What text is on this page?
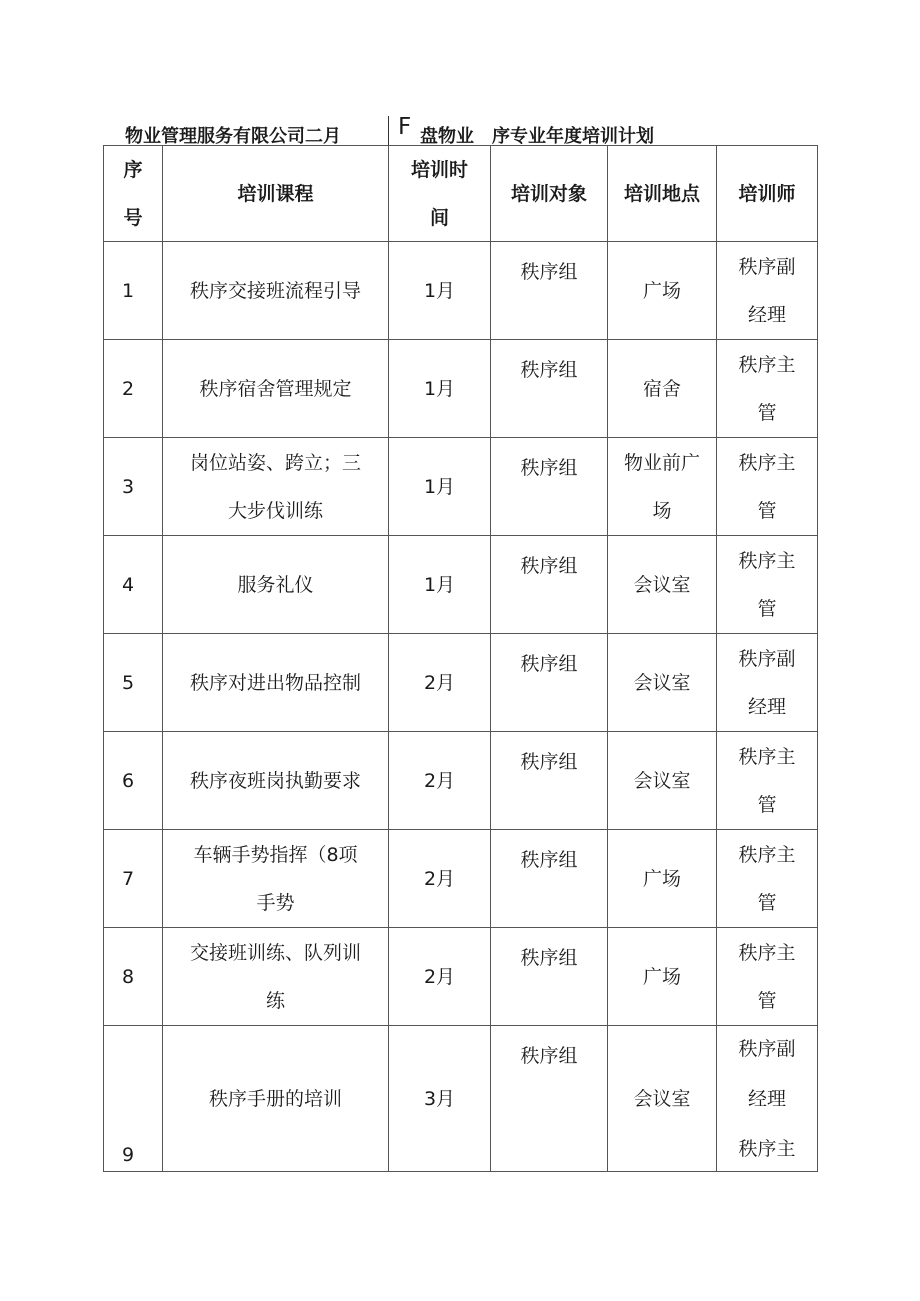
物业管理服务有限公司二月 F 盘物业 序专业年度培训计划
序
号	培训课程	培训时
间	培训对象	培训地点	培训师
1	秩序交接班流程引导	1月	秩序组	广场	秩序副
经理

2	秩序宿舍管理规定	1月	秩序组	宿舍	秩序主
管

3	岗位站姿、跨立；三
大步伐训练	1月	秩序组	物业前广
场	秩序主
管

4	服务礼仪	1月	秩序组	会议室	秩序主
管

5	秩序对进出物品控制	2月	秩序组	会议室	秩序副
经理

6	秩序夜班岗执勤要求	2月	秩序组	会议室	秩序主
管

7	车辆手势指挥（8项
手势	2月	秩序组	广场	秩序主
管

8	交接班训练、队列训
练	2月	秩序组	广场	秩序主
管

9	秩序手册的培训	3月	秩序组	会议室	秩序副
经理
秩序主
